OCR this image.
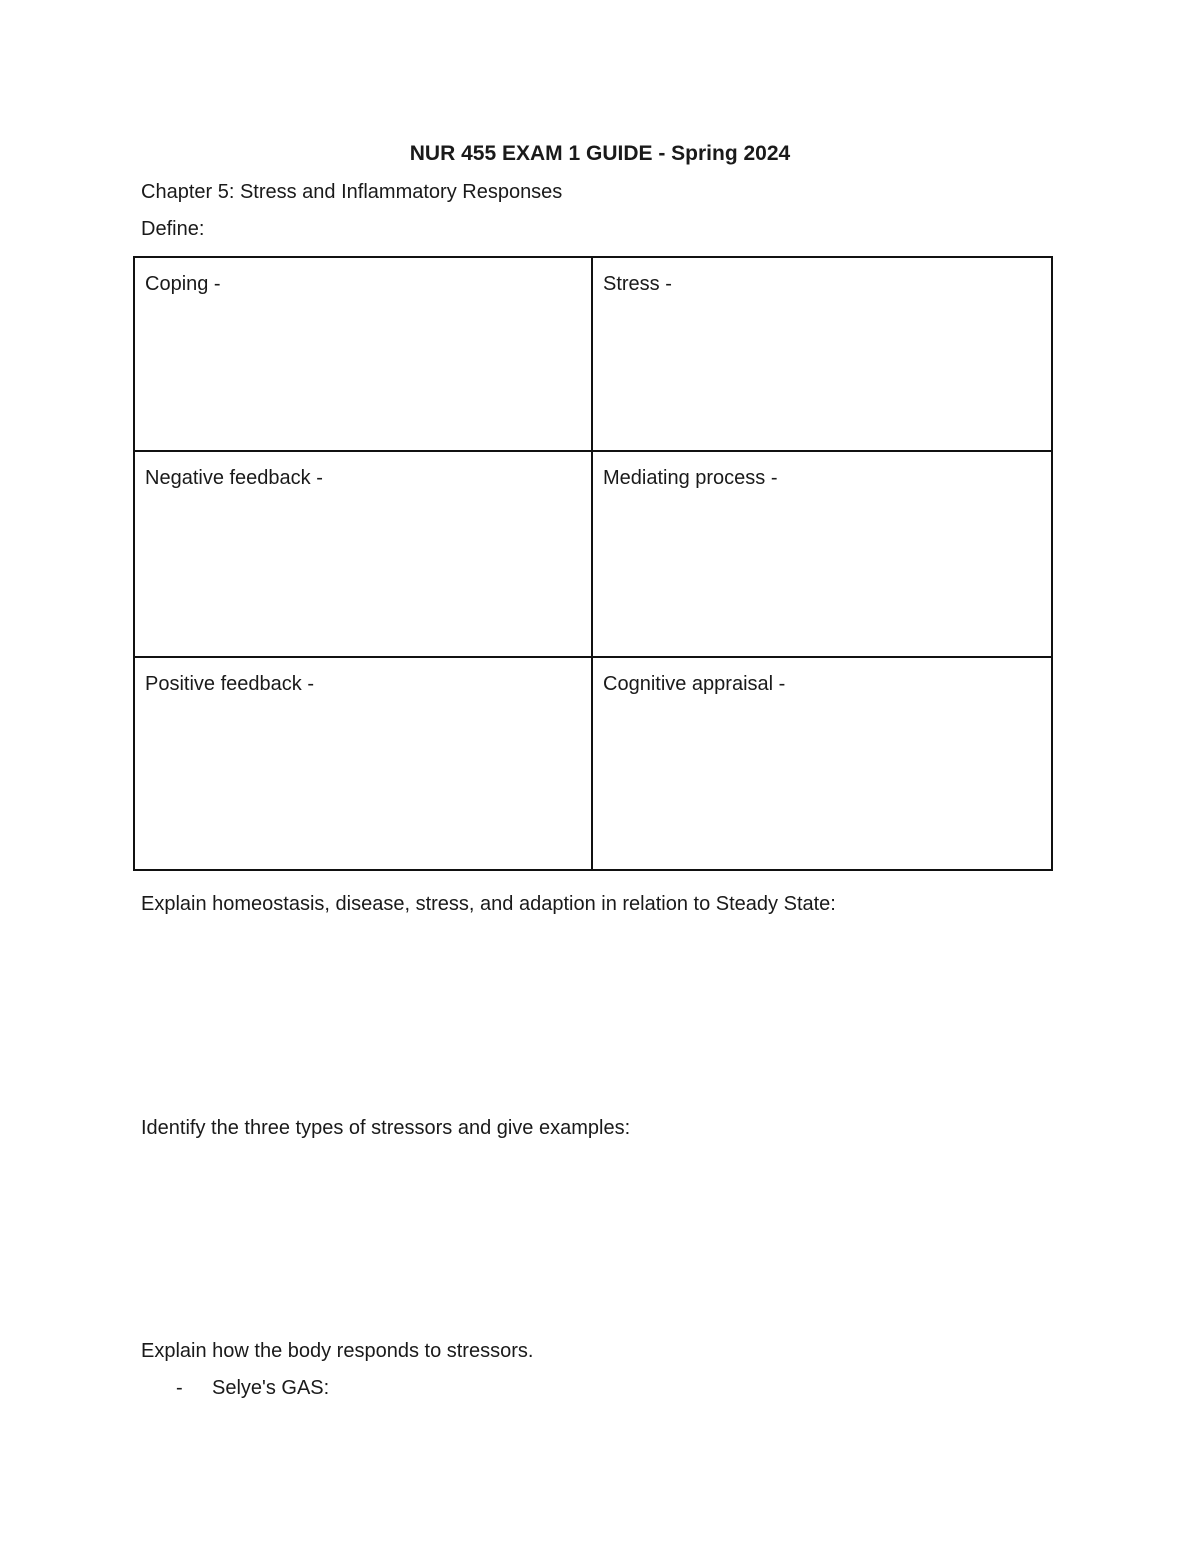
NUR 455 EXAM 1 GUIDE - Spring 2024
Chapter 5: Stress and Inflammatory Responses
Define:
Coping -	Stress -
Negative feedback -	Mediating process -
Positive feedback -	Cognitive appraisal -
Explain homeostasis, disease, stress, and adaption in relation to Steady State:
Identify the three types of stressors and give examples:
Explain how the body responds to stressors.
- Selye's GAS:
